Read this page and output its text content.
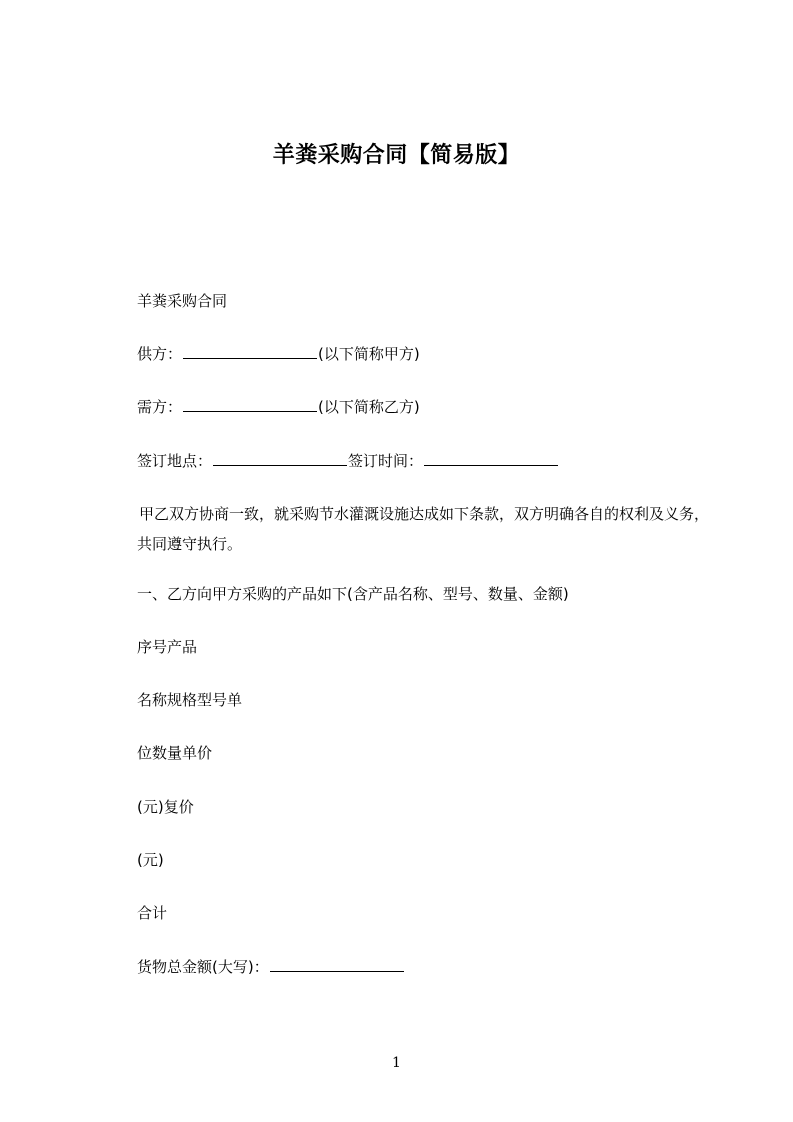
羊粪采购合同【简易版】
羊粪采购合同
供方：	(以下简称甲方)
需方：	(以下简称乙方)
签订地点：	签订时间：
甲乙双方协商一致，就采购节水灌溉设施达成如下条款，双方明确各自的权利及义务，共同遵守执行。
一、乙方向甲方采购的产品如下(含产品名称、型号、数量、金额)
序号产品
名称规格型号单
位数量单价
(元)复价
(元)
合计
货物总金额(大写)：
1
